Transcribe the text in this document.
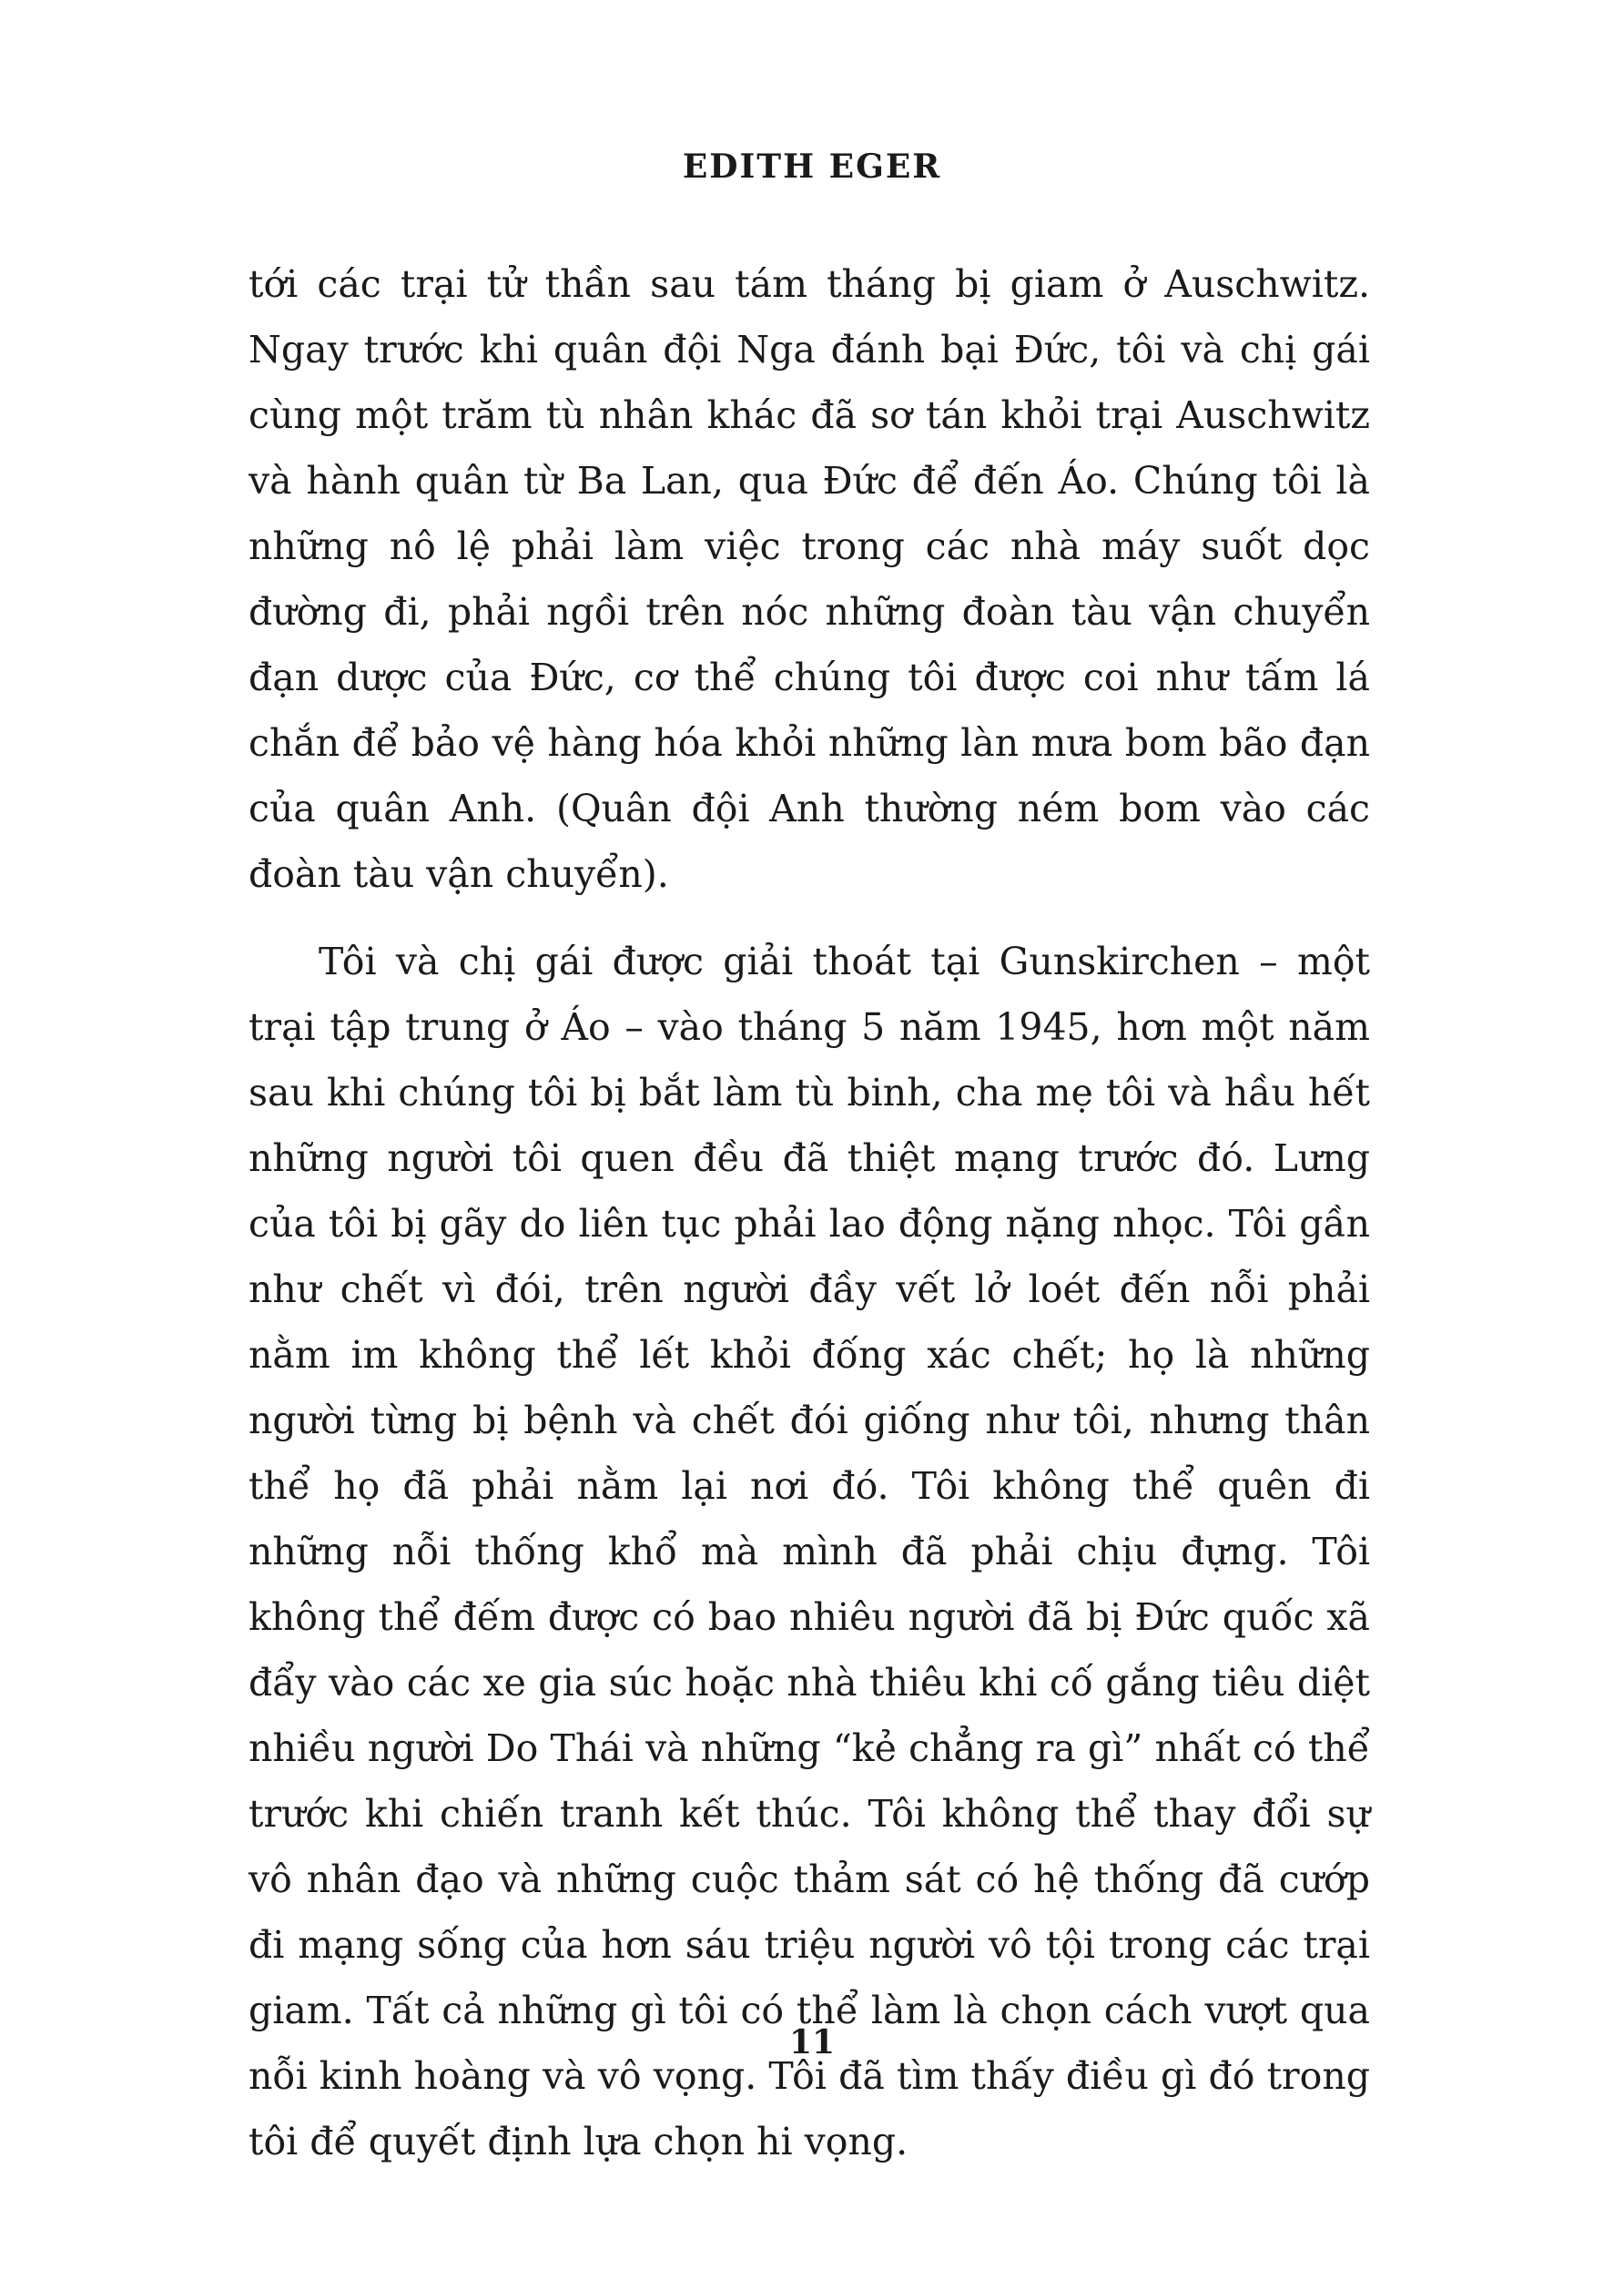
EDITH EGER

tới các trại tử thần sau tám tháng bị giam ở Auschwitz. Ngay trước khi quân đội Nga đánh bại Đức, tôi và chị gái cùng một trăm tù nhân khác đã sơ tán khỏi trại Auschwitz và hành quân từ Ba Lan, qua Đức để đến Áo. Chúng tôi là những nô lệ phải làm việc trong các nhà máy suốt dọc đường đi, phải ngồi trên nóc những đoàn tàu vận chuyển đạn dược của Đức, cơ thể chúng tôi được coi như tấm lá chắn để bảo vệ hàng hóa khỏi những làn mưa bom bão đạn của quân Anh. (Quân đội Anh thường ném bom vào các đoàn tàu vận chuyển).

Tôi và chị gái được giải thoát tại Gunskirchen – một trại tập trung ở Áo – vào tháng 5 năm 1945, hơn một năm sau khi chúng tôi bị bắt làm tù binh, cha mẹ tôi và hầu hết những người tôi quen đều đã thiệt mạng trước đó. Lưng của tôi bị gãy do liên tục phải lao động nặng nhọc. Tôi gần như chết vì đói, trên người đầy vết lở loét đến nỗi phải nằm im không thể lết khỏi đống xác chết; họ là những người từng bị bệnh và chết đói giống như tôi, nhưng thân thể họ đã phải nằm lại nơi đó. Tôi không thể quên đi những nỗi thống khổ mà mình đã phải chịu đựng. Tôi không thể đếm được có bao nhiêu người đã bị Đức quốc xã đẩy vào các xe gia súc hoặc nhà thiêu khi cố gắng tiêu diệt nhiều người Do Thái và những “kẻ chẳng ra gì” nhất có thể trước khi chiến tranh kết thúc. Tôi không thể thay đổi sự vô nhân đạo và những cuộc thảm sát có hệ thống đã cướp đi mạng sống của hơn sáu triệu người vô tội trong các trại giam. Tất cả những gì tôi có thể làm là chọn cách vượt qua nỗi kinh hoàng và vô vọng. Tôi đã tìm thấy điều gì đó trong tôi để quyết định lựa chọn hi vọng.

11
